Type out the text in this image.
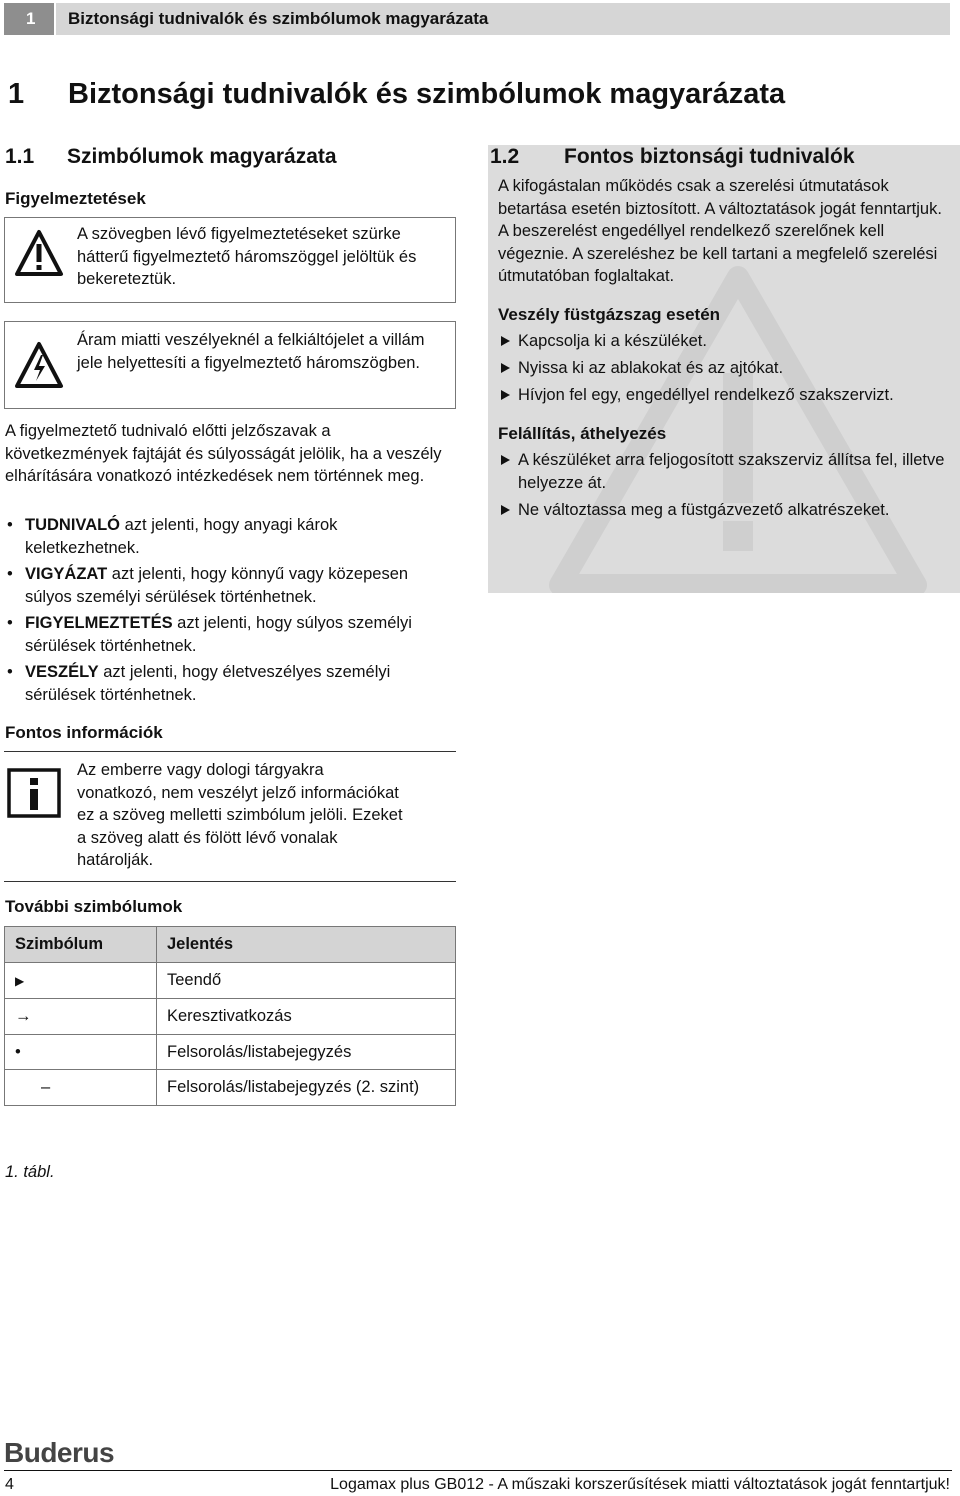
1	Biztonsági tudnivalók és szimbólumok magyarázata
1 Biztonsági tudnivalók és szimbólumok magyarázata
1.1 Szimbólumok magyarázata
Figyelmeztetések
A szövegben lévő figyelmeztetéseket szürke hátterű figyelmeztető háromszöggel jelöltük és bekereteztük.
Áram miatti veszélyeknél a felkiáltójelet a villám jele helyettesíti a figyelmeztető háromszögben.
A figyelmeztető tudnivaló előtti jelzőszavak a következmények fajtáját és súlyosságát jelölik, ha a veszély elhárítására vonatkozó intézkedések nem történnek meg.
• TUDNIVALÓ azt jelenti, hogy anyagi károk keletkezhetnek.
• VIGYÁZAT azt jelenti, hogy könnyű vagy közepesen súlyos személyi sérülések történhetnek.
• FIGYELMEZTETÉS azt jelenti, hogy súlyos személyi sérülések történhetnek.
• VESZÉLY azt jelenti, hogy életveszélyes személyi sérülések történhetnek.
Fontos információk
Az emberre vagy dologi tárgyakra vonatkozó, nem veszélyt jelző információkat ez a szöveg melletti szimbólum jelöli. Ezeket a szöveg alatt és fölött lévő vonalak határolják.
További szimbólumok
Szimbólum	Jelentés
▶	Teendő
→	Keresztivatkozás
•	Felsorolás/listabejegyzés
–	Felsorolás/listabejegyzés (2. szint)
1. tábl.
1.2 Fontos biztonsági tudnivalók
A kifogástalan működés csak a szerelési útmutatások betartása esetén biztosított. A változtatások jogát fenntartjuk. A beszerelést engedéllyel rendelkező szerelőnek kell végeznie. A szereléshez be kell tartani a megfelelő szerelési útmutatóban foglaltakat.
Veszély füstgázszag esetén
Kapcsolja ki a készüléket.
Nyissa ki az ablakokat és az ajtókat.
Hívjon fel egy, engedéllyel rendelkező szakszervizt.
Felállítás, áthelyezés
A készüléket arra feljogosított szakszerviz állítsa fel, illetve helyezze át.
Ne változtassa meg a füstgázvezető alkatrészeket.
Buderus
4	Logamax plus GB012 - A műszaki korszerűsítések miatti változtatások jogát fenntartjuk!
